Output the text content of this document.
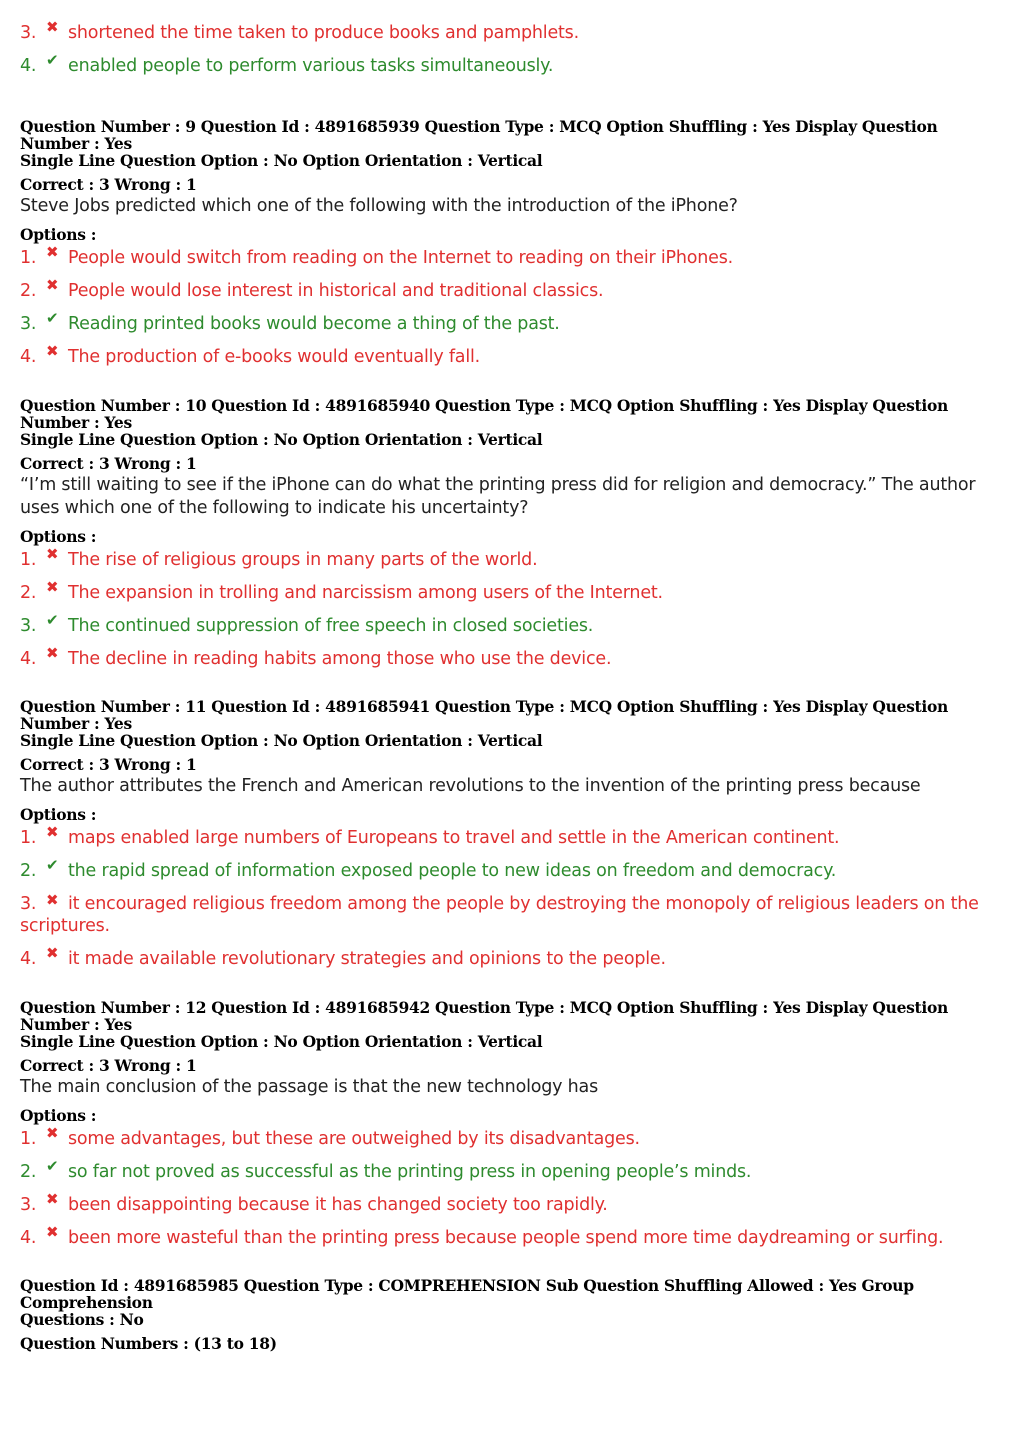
3. ✖ shortened the time taken to produce books and pamphlets.
4. ✔ enabled people to perform various tasks simultaneously.
Question Number : 9 Question Id : 4891685939 Question Type : MCQ Option Shuffling : Yes Display Question Number : Yes
Single Line Question Option : No Option Orientation : Vertical
Correct : 3 Wrong : 1
Steve Jobs predicted which one of the following with the introduction of the iPhone?
Options :
1. ✖ People would switch from reading on the Internet to reading on their iPhones.
2. ✖ People would lose interest in historical and traditional classics.
3. ✔ Reading printed books would become a thing of the past.
4. ✖ The production of e-books would eventually fall.
Question Number : 10 Question Id : 4891685940 Question Type : MCQ Option Shuffling : Yes Display Question Number : Yes
Single Line Question Option : No Option Orientation : Vertical
Correct : 3 Wrong : 1
“I’m still waiting to see if the iPhone can do what the printing press did for religion and democracy.” The author uses which one of the following to indicate his uncertainty?
Options :
1. ✖ The rise of religious groups in many parts of the world.
2. ✖ The expansion in trolling and narcissism among users of the Internet.
3. ✔ The continued suppression of free speech in closed societies.
4. ✖ The decline in reading habits among those who use the device.
Question Number : 11 Question Id : 4891685941 Question Type : MCQ Option Shuffling : Yes Display Question Number : Yes
Single Line Question Option : No Option Orientation : Vertical
Correct : 3 Wrong : 1
The author attributes the French and American revolutions to the invention of the printing press because
Options :
1. ✖ maps enabled large numbers of Europeans to travel and settle in the American continent.
2. ✔ the rapid spread of information exposed people to new ideas on freedom and democracy.
3. ✖ it encouraged religious freedom among the people by destroying the monopoly of religious leaders on the scriptures.
4. ✖ it made available revolutionary strategies and opinions to the people.
Question Number : 12 Question Id : 4891685942 Question Type : MCQ Option Shuffling : Yes Display Question Number : Yes
Single Line Question Option : No Option Orientation : Vertical
Correct : 3 Wrong : 1
The main conclusion of the passage is that the new technology has
Options :
1. ✖ some advantages, but these are outweighed by its disadvantages.
2. ✔ so far not proved as successful as the printing press in opening people’s minds.
3. ✖ been disappointing because it has changed society too rapidly.
4. ✖ been more wasteful than the printing press because people spend more time daydreaming or surfing.
Question Id : 4891685985 Question Type : COMPREHENSION Sub Question Shuffling Allowed : Yes Group Comprehension
Questions : No
Question Numbers : (13 to 18)
